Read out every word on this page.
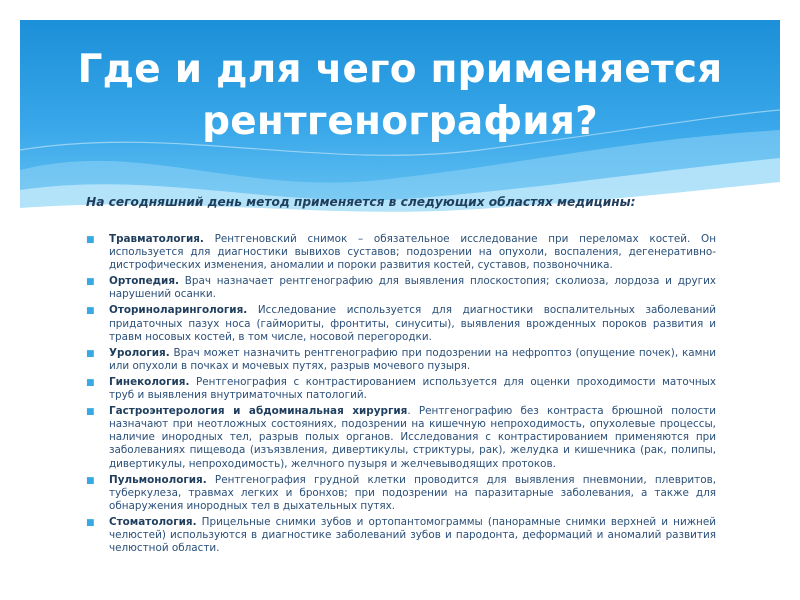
Где и для чего применяется
рентгенография?
На сегодняшний день метод применяется в следующих областях медицины:
■ Травматология. Рентгеновский снимок – обязательное исследование при переломах костей. Он используется для диагностики вывихов суставов; подозрении на опухоли, воспаления, дегенеративно-дистрофических изменения, аномалии и пороки развития костей, суставов, позвоночника.
■ Ортопедия. Врач назначает рентгенографию для выявления плоскостопия; сколиоза, лордоза и других нарушений осанки.
■ Оториноларингология. Исследование используется для диагностики воспалительных заболеваний придаточных пазух носа (гаймориты, фронтиты, синуситы), выявления врожденных пороков развития и травм носовых костей, в том числе, носовой перегородки.
■ Урология. Врач может назначить рентгенографию при подозрении на нефроптоз (опущение почек), камни или опухоли в почках и мочевых путях, разрыв мочевого пузыря.
■ Гинекология. Рентгенография с контрастированием используется для оценки проходимости маточных труб и выявления внутриматочных патологий.
■ Гастроэнтерология и абдоминальная хирургия. Рентгенографию без контраста брюшной полости назначают при неотложных состояниях, подозрении на кишечную непроходимость, опухолевые процессы, наличие инородных тел, разрыв полых органов. Исследования с контрастированием применяются при заболеваниях пищевода (изъязвления, дивертикулы, стриктуры, рак), желудка и кишечника (рак, полипы, дивертикулы, непроходимость), желчного пузыря и желчевыводящих протоков.
■ Пульмонология. Рентгенография грудной клетки проводится для выявления пневмонии, плевритов, туберкулеза, травмах легких и бронхов; при подозрении на паразитарные заболевания, а также для обнаружения инородных тел в дыхательных путях.
■ Стоматология. Прицельные снимки зубов и ортопантомограммы (панорамные снимки верхней и нижней челюстей) используются в диагностике заболеваний зубов и пародонта, деформаций и аномалий развития челюстной области.
